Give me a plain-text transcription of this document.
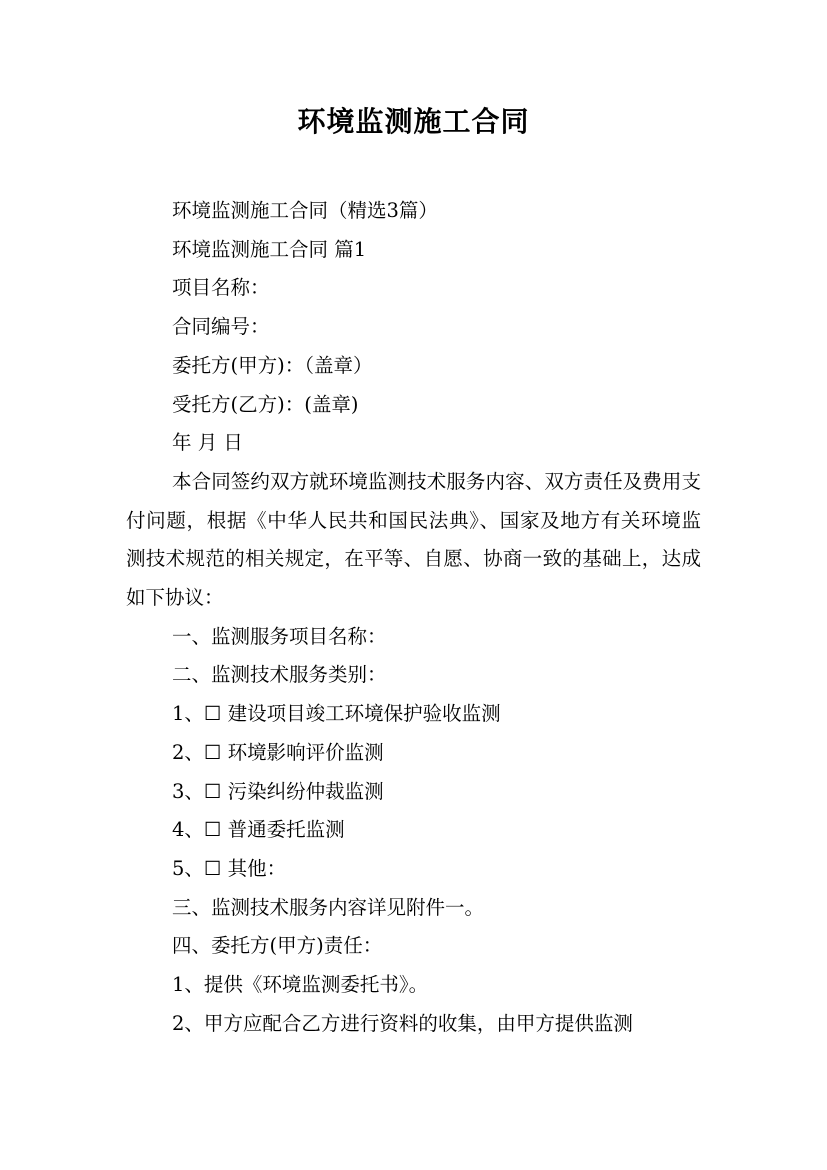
环境监测施工合同

环境监测施工合同（精选3篇）

环境监测施工合同 篇1

项目名称：

合同编号：

委托方(甲方)：（盖章）

受托方(乙方)：(盖章)

年 月 日

本合同签约双方就环境监测技术服务内容、双方责任及费用支付问题，根据《中华人民共和国民法典》、国家及地方有关环境监测技术规范的相关规定，在平等、自愿、协商一致的基础上，达成如下协议：

一、监测服务项目名称：

二、监测技术服务类别：

1、☐ 建设项目竣工环境保护验收监测

2、☐ 环境影响评价监测

3、☐ 污染纠纷仲裁监测

4、☐ 普通委托监测

5、☐ 其他：

三、监测技术服务内容详见附件一。

四、委托方(甲方)责任：

1、提供《环境监测委托书》。

2、甲方应配合乙方进行资料的收集，由甲方提供监测
